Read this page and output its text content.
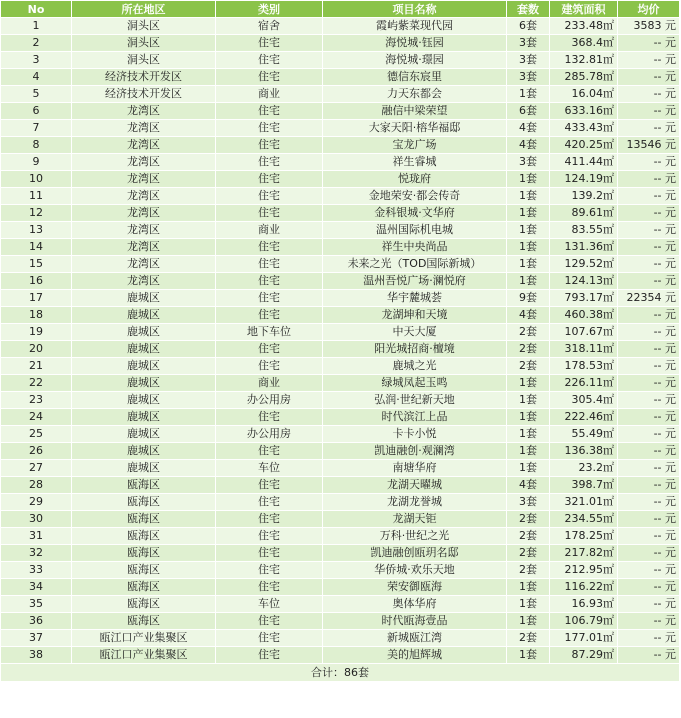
No	所在地区	类别	项目名称	套数	建筑面积	均价
1	洞头区	宿舍	霞屿紫菜现代园	6套	233.48㎡	3583 元
2	洞头区	住宅	海悦城·钰园	3套	368.4㎡	-- 元
3	洞头区	住宅	海悦城·璟园	3套	132.81㎡	-- 元
4	经济技术开发区	住宅	德信东宸里	3套	285.78㎡	-- 元
5	经济技术开发区	商业	力天东都会	1套	16.04㎡	-- 元
6	龙湾区	住宅	融信中梁荣望	6套	633.16㎡	-- 元
7	龙湾区	住宅	大家天阳·榕华福邸	4套	433.43㎡	-- 元
8	龙湾区	住宅	宝龙广场	4套	420.25㎡	13546 元
9	龙湾区	住宅	祥生睿城	3套	411.44㎡	-- 元
10	龙湾区	住宅	悦珑府	1套	124.19㎡	-- 元
11	龙湾区	住宅	金地荣安·都会传奇	1套	139.2㎡	-- 元
12	龙湾区	住宅	金科银城·文华府	1套	89.61㎡	-- 元
13	龙湾区	商业	温州国际机电城	1套	83.55㎡	-- 元
14	龙湾区	住宅	祥生中央尚品	1套	131.36㎡	-- 元
15	龙湾区	住宅	未来之光（TOD国际新城）	1套	129.52㎡	-- 元
16	龙湾区	住宅	温州吾悦广场·澜悦府	1套	124.13㎡	-- 元
17	鹿城区	住宅	华宇麓城荟	9套	793.17㎡	22354 元
18	鹿城区	住宅	龙湖坤和天境	4套	460.38㎡	-- 元
19	鹿城区	地下车位	中天大厦	2套	107.67㎡	-- 元
20	鹿城区	住宅	阳光城招商·檀境	2套	318.11㎡	-- 元
21	鹿城区	住宅	鹿城之光	2套	178.53㎡	-- 元
22	鹿城区	商业	绿城凤起玉鸣	1套	226.11㎡	-- 元
23	鹿城区	办公用房	弘润·世纪新天地	1套	305.4㎡	-- 元
24	鹿城区	住宅	时代滨江上品	1套	222.46㎡	-- 元
25	鹿城区	办公用房	卡卡小悦	1套	55.49㎡	-- 元
26	鹿城区	住宅	凯迪融创·观澜湾	1套	136.38㎡	-- 元
27	鹿城区	车位	南塘华府	1套	23.2㎡	-- 元
28	瓯海区	住宅	龙湖天曜城	4套	398.7㎡	-- 元
29	瓯海区	住宅	龙湖龙誉城	3套	321.01㎡	-- 元
30	瓯海区	住宅	龙湖天钜	2套	234.55㎡	-- 元
31	瓯海区	住宅	万科·世纪之光	2套	178.25㎡	-- 元
32	瓯海区	住宅	凯迪融创瓯玥名邸	2套	217.82㎡	-- 元
33	瓯海区	住宅	华侨城·欢乐天地	2套	212.95㎡	-- 元
34	瓯海区	住宅	荣安御瓯海	1套	116.22㎡	-- 元
35	瓯海区	车位	奥体华府	1套	16.93㎡	-- 元
36	瓯海区	住宅	时代瓯海壹品	1套	106.79㎡	-- 元
37	瓯江口产业集聚区	住宅	新城瓯江湾	2套	177.01㎡	-- 元
38	瓯江口产业集聚区	住宅	美的旭辉城	1套	87.29㎡	-- 元
合计：86套						
